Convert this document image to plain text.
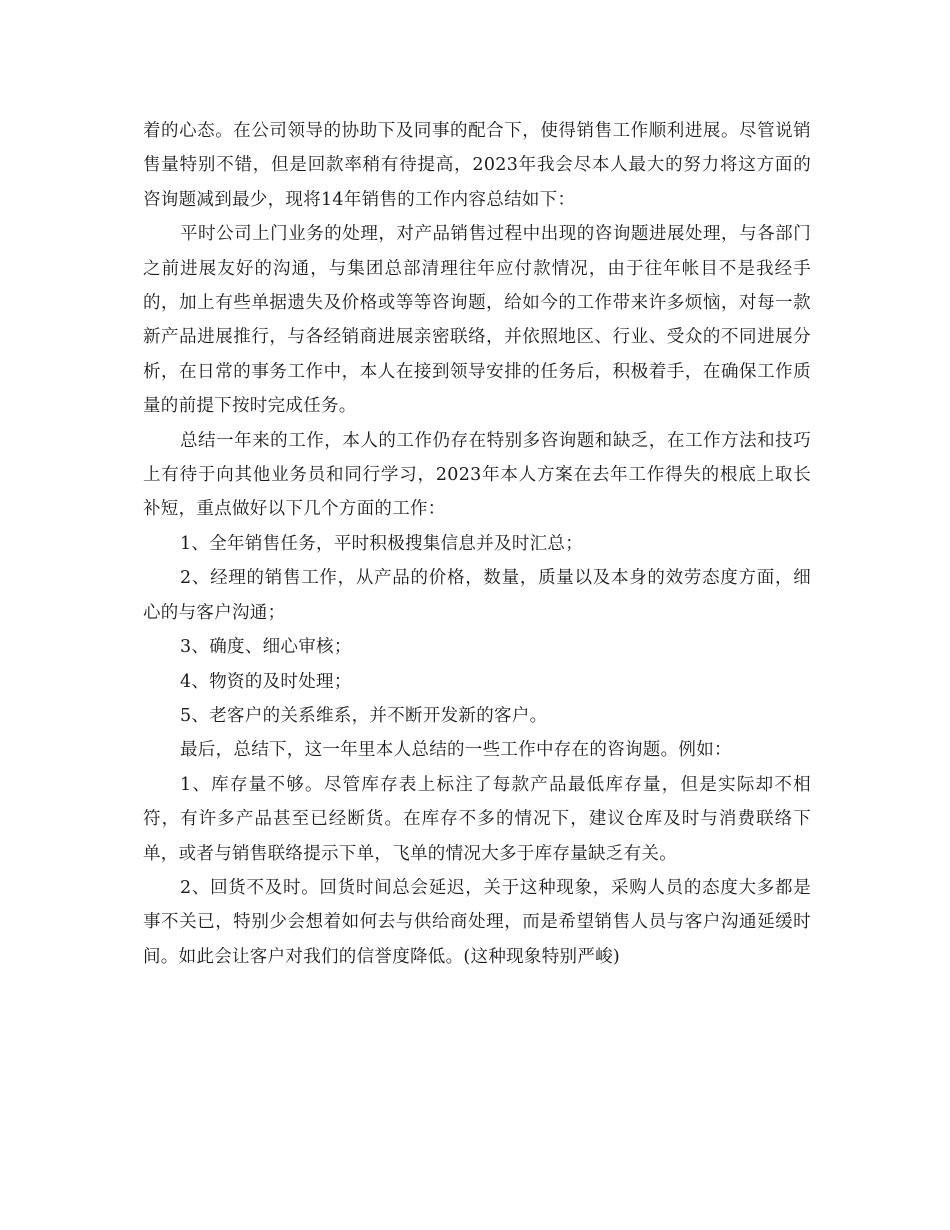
着的心态。在公司领导的协助下及同事的配合下，使得销售工作顺利进展。尽管说销售量特别不错，但是回款率稍有待提高，2023年我会尽本人最大的努力将这方面的咨询题减到最少，现将14年销售的工作内容总结如下：

平时公司上门业务的处理，对产品销售过程中出现的咨询题进展处理，与各部门之前进展友好的沟通，与集团总部清理往年应付款情况，由于往年帐目不是我经手的，加上有些单据遗失及价格或等等咨询题，给如今的工作带来许多烦恼，对每一款新产品进展推行，与各经销商进展亲密联络，并依照地区、行业、受众的不同进展分析，在日常的事务工作中，本人在接到领导安排的任务后，积极着手，在确保工作质量的前提下按时完成任务。

总结一年来的工作，本人的工作仍存在特别多咨询题和缺乏，在工作方法和技巧上有待于向其他业务员和同行学习，2023年本人方案在去年工作得失的根底上取长补短，重点做好以下几个方面的工作：

1、全年销售任务，平时积极搜集信息并及时汇总；

2、经理的销售工作，从产品的价格，数量，质量以及本身的效劳态度方面，细心的与客户沟通；

3、确度、细心审核；

4、物资的及时处理；

5、老客户的关系维系，并不断开发新的客户。

最后，总结下，这一年里本人总结的一些工作中存在的咨询题。例如：

1、库存量不够。尽管库存表上标注了每款产品最低库存量，但是实际却不相符，有许多产品甚至已经断货。在库存不多的情况下，建议仓库及时与消费联络下单，或者与销售联络提示下单，飞单的情况大多于库存量缺乏有关。

2、回货不及时。回货时间总会延迟，关于这种现象，采购人员的态度大多都是事不关已，特别少会想着如何去与供给商处理，而是希望销售人员与客户沟通延缓时间。如此会让客户对我们的信誉度降低。(这种现象特别严峻)
